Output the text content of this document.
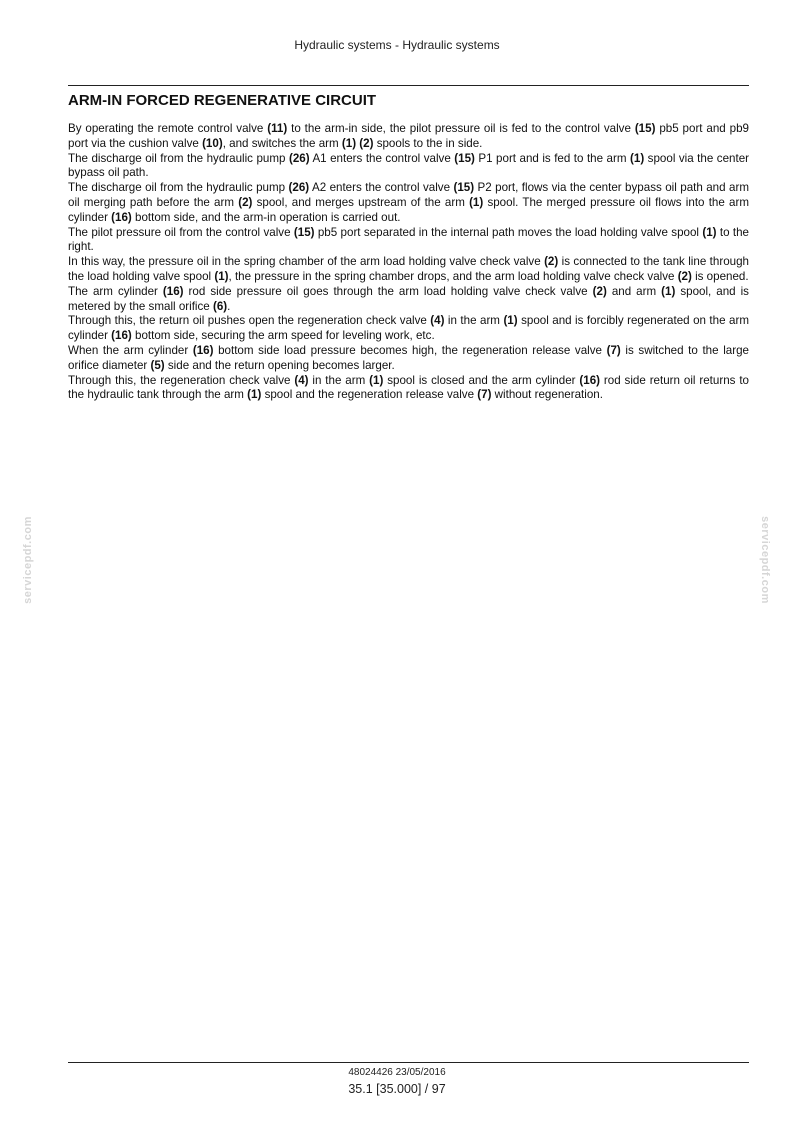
Hydraulic systems - Hydraulic systems
ARM-IN FORCED REGENERATIVE CIRCUIT

By operating the remote control valve (11) to the arm-in side, the pilot pressure oil is fed to the control valve (15) pb5 port and pb9 port via the cushion valve (10), and switches the arm (1) (2) spools to the in side.

The discharge oil from the hydraulic pump (26) A1 enters the control valve (15) P1 port and is fed to the arm (1) spool via the center bypass oil path.

The discharge oil from the hydraulic pump (26) A2 enters the control valve (15) P2 port, flows via the center bypass oil path and arm oil merging path before the arm (2) spool, and merges upstream of the arm (1) spool. The merged pressure oil flows into the arm cylinder (16) bottom side, and the arm-in operation is carried out.

The pilot pressure oil from the control valve (15) pb5 port separated in the internal path moves the load holding valve spool (1) to the right.

In this way, the pressure oil in the spring chamber of the arm load holding valve check valve (2) is connected to the tank line through the load holding valve spool (1), the pressure in the spring chamber drops, and the arm load holding valve check valve (2) is opened.

The arm cylinder (16) rod side pressure oil goes through the arm load holding valve check valve (2) and arm (1) spool, and is metered by the small orifice (6).

Through this, the return oil pushes open the regeneration check valve (4) in the arm (1) spool and is forcibly regenerated on the arm cylinder (16) bottom side, securing the arm speed for leveling work, etc.

When the arm cylinder (16) bottom side load pressure becomes high, the regeneration release valve (7) is switched to the large orifice diameter (5) side and the return opening becomes larger.

Through this, the regeneration check valve (4) in the arm (1) spool is closed and the arm cylinder (16) rod side return oil returns to the hydraulic tank through the arm (1) spool and the regeneration release valve (7) without regeneration.

servicepdf.com	servicepdf.com
48024426 23/05/2016
35.1 [35.000] / 97
